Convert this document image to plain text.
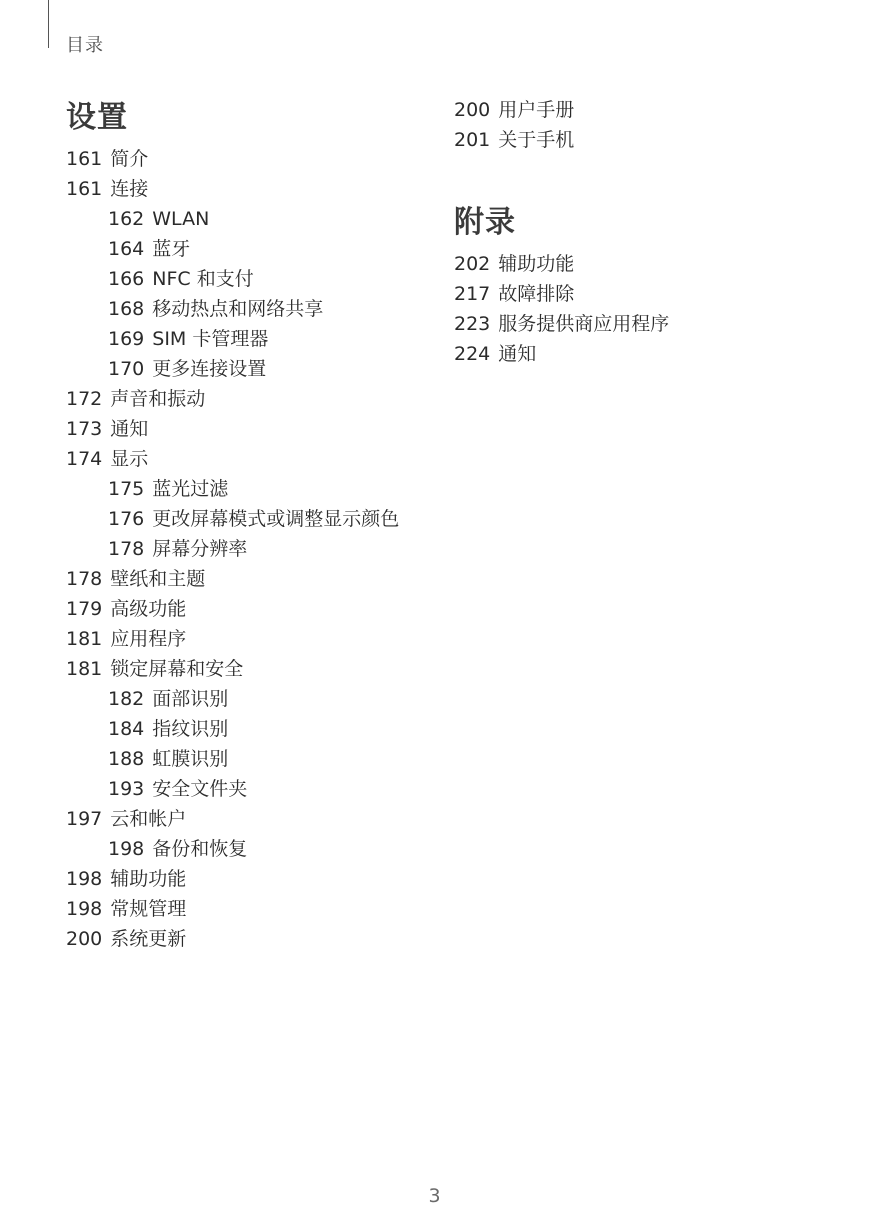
目录
设置
161 简介
161 连接
162 WLAN
164 蓝牙
166 NFC 和支付
168 移动热点和网络共享
169 SIM 卡管理器
170 更多连接设置
172 声音和振动
173 通知
174 显示
175 蓝光过滤
176 更改屏幕模式或调整显示颜色
178 屏幕分辨率
178 壁纸和主题
179 高级功能
181 应用程序
181 锁定屏幕和安全
182 面部识别
184 指纹识别
188 虹膜识别
193 安全文件夹
197 云和帐户
198 备份和恢复
198 辅助功能
198 常规管理
200 系统更新
200 用户手册
201 关于手机
附录
202 辅助功能
217 故障排除
223 服务提供商应用程序
224 通知
3
